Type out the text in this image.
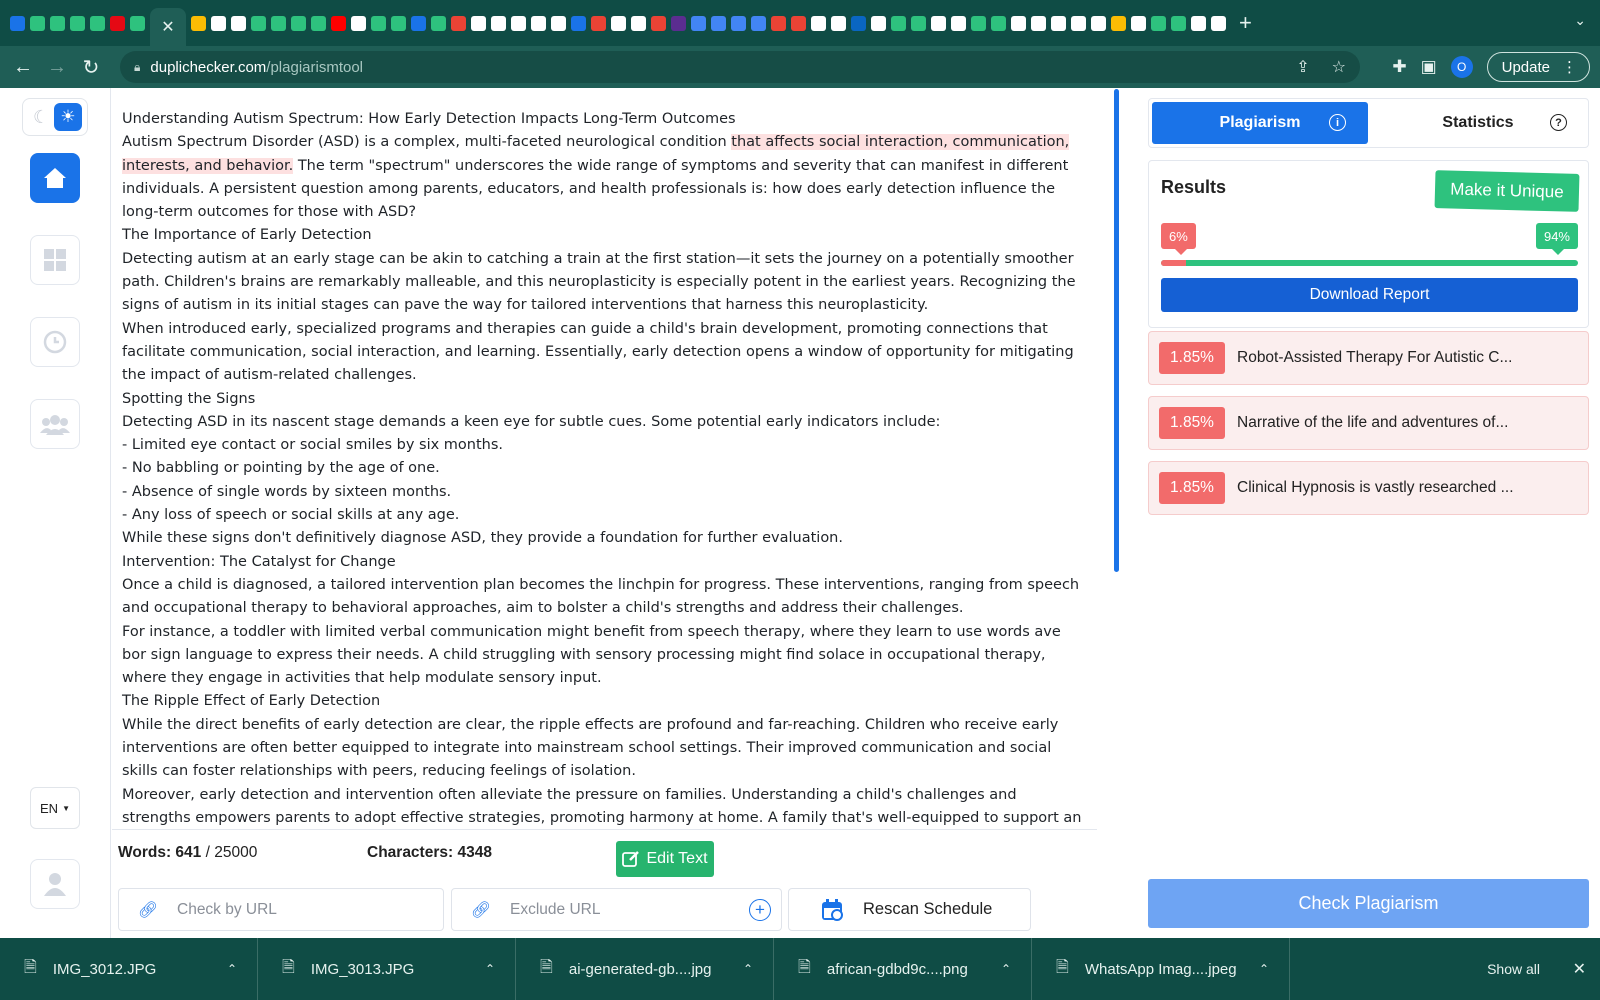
✕	+	⌄
← → ↻	🔒︎ duplichecker.com /plagiarismtool	⇪ ☆	✚ ▣	O	Update ⋮
☾ ☀
EN ▼

Understanding Autism Spectrum: How Early Detection Impacts Long-Term Outcomes

Autism Spectrum Disorder (ASD) is a complex, multi-faceted neurological condition that affects social interaction, communication, interests, and behavior. The term "spectrum" underscores the wide range of symptoms and severity that can manifest in different individuals. A persistent question among parents, educators, and health professionals is: how does early detection influence the long-term outcomes for those with ASD?

The Importance of Early Detection

Detecting autism at an early stage can be akin to catching a train at the first station—it sets the journey on a potentially smoother path. Children's brains are remarkably malleable, and this neuroplasticity is especially potent in the earliest years. Recognizing the signs of autism in its initial stages can pave the way for tailored interventions that harness this neuroplasticity.

When introduced early, specialized programs and therapies can guide a child's brain development, promoting connections that facilitate communication, social interaction, and learning. Essentially, early detection opens a window of opportunity for mitigating the impact of autism-related challenges.

Spotting the Signs

Detecting ASD in its nascent stage demands a keen eye for subtle cues. Some potential early indicators include:

- Limited eye contact or social smiles by six months.

- No babbling or pointing by the age of one.

- Absence of single words by sixteen months.

- Any loss of speech or social skills at any age.

While these signs don't definitively diagnose ASD, they provide a foundation for further evaluation.

Intervention: The Catalyst for Change

Once a child is diagnosed, a tailored intervention plan becomes the linchpin for progress. These interventions, ranging from speech and occupational therapy to behavioral approaches, aim to bolster a child's strengths and address their challenges.

For instance, a toddler with limited verbal communication might benefit from speech therapy, where they learn to use words ave bor sign language to express their needs. A child struggling with sensory processing might find solace in occupational therapy, where they engage in activities that help modulate sensory input.

The Ripple Effect of Early Detection

While the direct benefits of early detection are clear, the ripple effects are profound and far-reaching. Children who receive early interventions are often better equipped to integrate into mainstream school settings. Their improved communication and social skills can foster relationships with peers, reducing feelings of isolation.

Moreover, early detection and intervention often alleviate the pressure on families. Understanding a child's challenges and strengths empowers parents to adopt effective strategies, promoting harmony at home. A family that's well-equipped to support an

Words: 641 / 25000	Characters: 4348	Edit Text
🔗︎
Check by URL	🔗︎
Exclude URL	+	Rescan Schedule
Plagiarism	i	Statistics	?
Results	Make it Unique
6%	94%
Download Report
1.85%	Robot-Assisted Therapy For Autistic C...
1.85%	Narrative of the life and adventures of...
1.85%	Clinical Hypnosis is vastly researched ...
Check Plagiarism
🗎 IMG_3012.JPG	⌃	🗎 IMG_3013.JPG	⌃	🗎 ai-generated-gb....jpg	⌃	🗎 african-gdbd9c....png	⌃	🗎 WhatsApp Imag....jpeg ⌃	Show all ✕
